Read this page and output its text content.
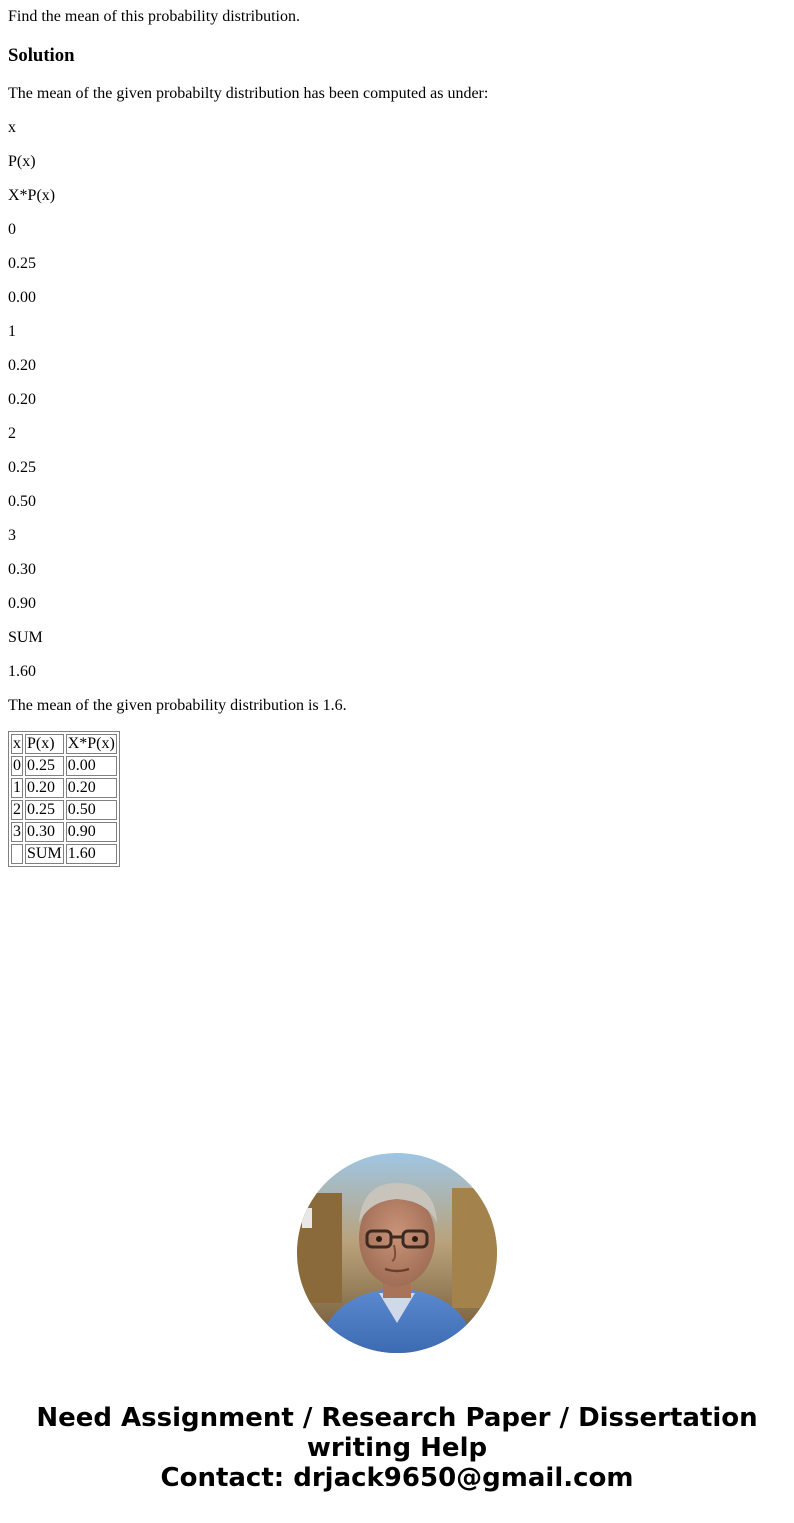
Find the mean of this probability distribution.

Solution

The mean of the given probabilty distribution has been computed as under:

x

P(x)

X*P(x)

0

0.25

0.00

1

0.20

0.20

2

0.25

0.50

3

0.30

0.90

SUM

1.60

The mean of the given probability distribution is 1.6.

x	P(x)	X*P(x)
0	0.25	0.00
1	0.20	0.20
2	0.25	0.50
3	0.30	0.90
	SUM	1.60
Need Assignment / Research Paper / Dissertation
writing Help
Contact: drjack9650@gmail.com
